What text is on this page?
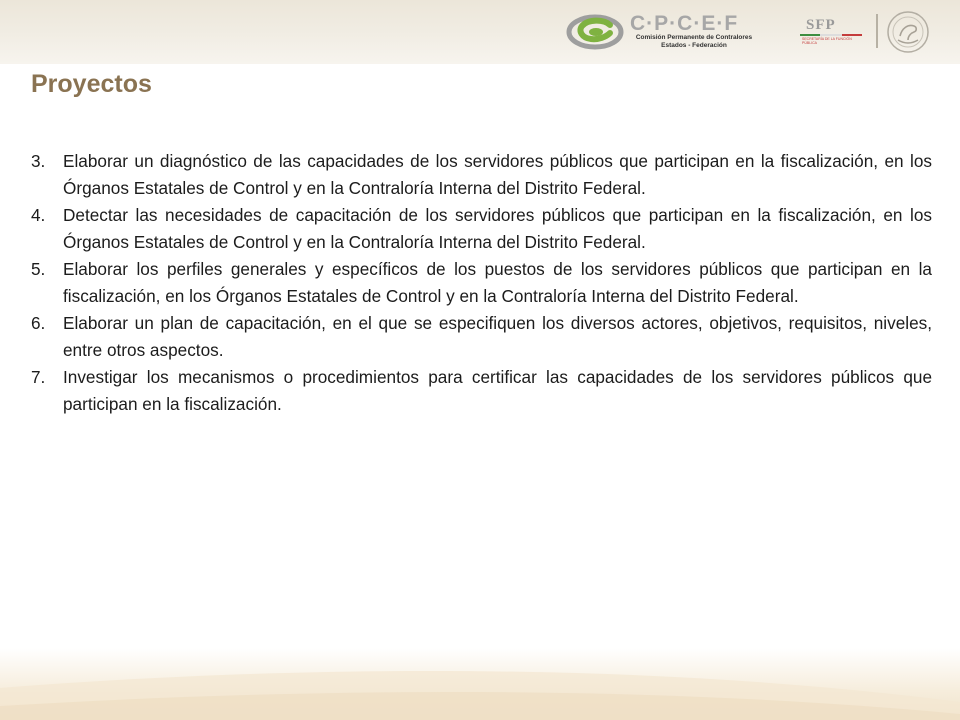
C·P·C·E·F
Comisión Permanente de Contralores
Estados - Federación
SFP
SECRETARÍA DE LA FUNCIÓN PÚBLICA
Proyectos
3. Elaborar un diagnóstico de las capacidades de los servidores públicos que participan en la fiscalización, en los Órganos Estatales de Control y en la Contraloría Interna del Distrito Federal.
4. Detectar las necesidades de capacitación de los servidores públicos que participan en la fiscalización, en los Órganos Estatales de Control y en la Contraloría Interna del Distrito Federal.
5. Elaborar los perfiles generales y específicos de los puestos de los servidores públicos que participan en la fiscalización, en los Órganos Estatales de Control y en la Contraloría Interna del Distrito Federal.
6. Elaborar un plan de capacitación, en el que se especifiquen los diversos actores, objetivos, requisitos, niveles, entre otros aspectos.
7. Investigar los mecanismos o procedimientos para certificar las capacidades de los servidores públicos que participan en la fiscalización.
